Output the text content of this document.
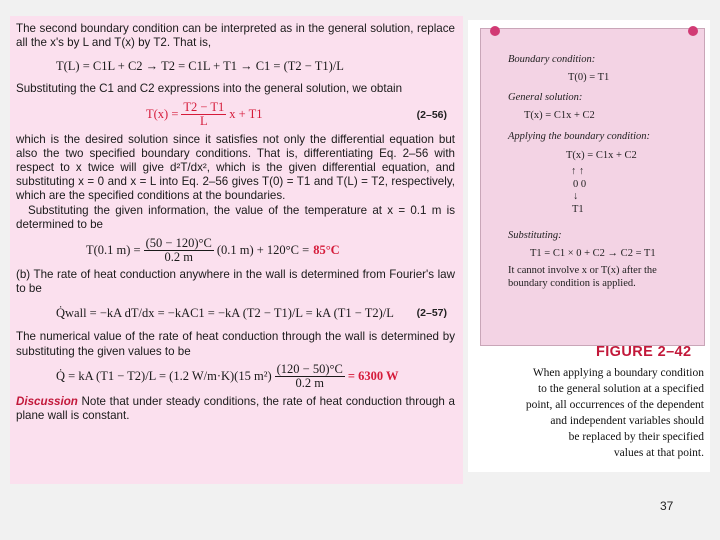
The second boundary condition can be interpreted as in the general solution, replace all the x's by L and T(x) by T2. That is,

T(L) = C1L + C2 → T2 = C1L + T1 → C1 = (T2 − T1)/L

Substituting the C1 and C2 expressions into the general solution, we obtain

$T(x) = \frac{T2 - T1}{L}$ x + T1	(2–56)

which is the desired solution since it satisfies not only the differential equation but also the two specified boundary conditions. That is, differentiating Eq. 2–56 with respect to x twice will give d²T/dx², which is the given differential equation, and substituting x = 0 and x = L into Eq. 2–56 gives T(0) = T1 and T(L) = T2, respectively, which are the specified conditions at the boundaries.

Substituting the given information, the value of the temperature at x = 0.1 m is determined to be

T(0.1 $m) = \frac{(50 - 120)^\circ C}{0.2 m} (0.1$ m) + 120°C = 85°C

(b) The rate of heat conduction anywhere in the wall is determined from Fourier's law to be

Q̇wall = −kA dT/dx = −kAC1 = −kA (T2 − T1)/L = kA (T1 − T2)/L (2–57)

The numerical value of the rate of heat conduction through the wall is determined by substituting the given values to be

Q̇ = kA (T1 − T2)/L = (1.2 W/m·K)(15 $m^2) \frac{(120 - 50)^\circ C}{0.2 m} = 6300$ W

Discussion Note that under steady conditions, the rate of heat conduction through a plane wall is constant.

Boundary condition:
T(0) = T1
General solution:
T(x) = C1x + C2
Applying the boundary condition:
T(x) = C1x + C2
↑ ↑
0 0
↓
T1
Substituting:
T1 = C1 × 0 + C2 → C2 = T1
It cannot involve x or T(x) after the
boundary condition is applied.
FIGURE 2–42
When applying a boundary condition
to the general solution at a specified
point, all occurrences of the dependent
and independent variables should
be replaced by their specified
values at that point.
37
